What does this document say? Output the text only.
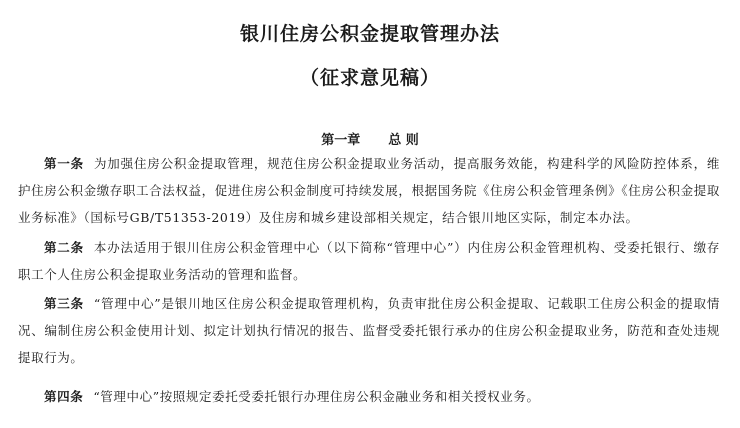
银川住房公积金提取管理办法
（征求意见稿）
第一章 总 则

第一条 为加强住房公积金提取管理，规范住房公积金提取业务活动，提高服务效能，构建科学的风险防控体系，维护住房公积金缴存职工合法权益，促进住房公积金制度可持续发展，根据国务院《住房公积金管理条例》《住房公积金提取业务标准》（国标号GB/T51353-2019）及住房和城乡建设部相关规定，结合银川地区实际，制定本办法。

第二条 本办法适用于银川住房公积金管理中心（以下简称“管理中心”）内住房公积金管理机构、受委托银行、缴存职工个人住房公积金提取业务活动的管理和监督。

第三条 “管理中心”是银川地区住房公积金提取管理机构，负责审批住房公积金提取、记载职工住房公积金的提取情况、编制住房公积金使用计划、拟定计划执行情况的报告、监督受委托银行承办的住房公积金提取业务，防范和查处违规提取行为。

第四条 “管理中心”按照规定委托受委托银行办理住房公积金融业务和相关授权业务。
